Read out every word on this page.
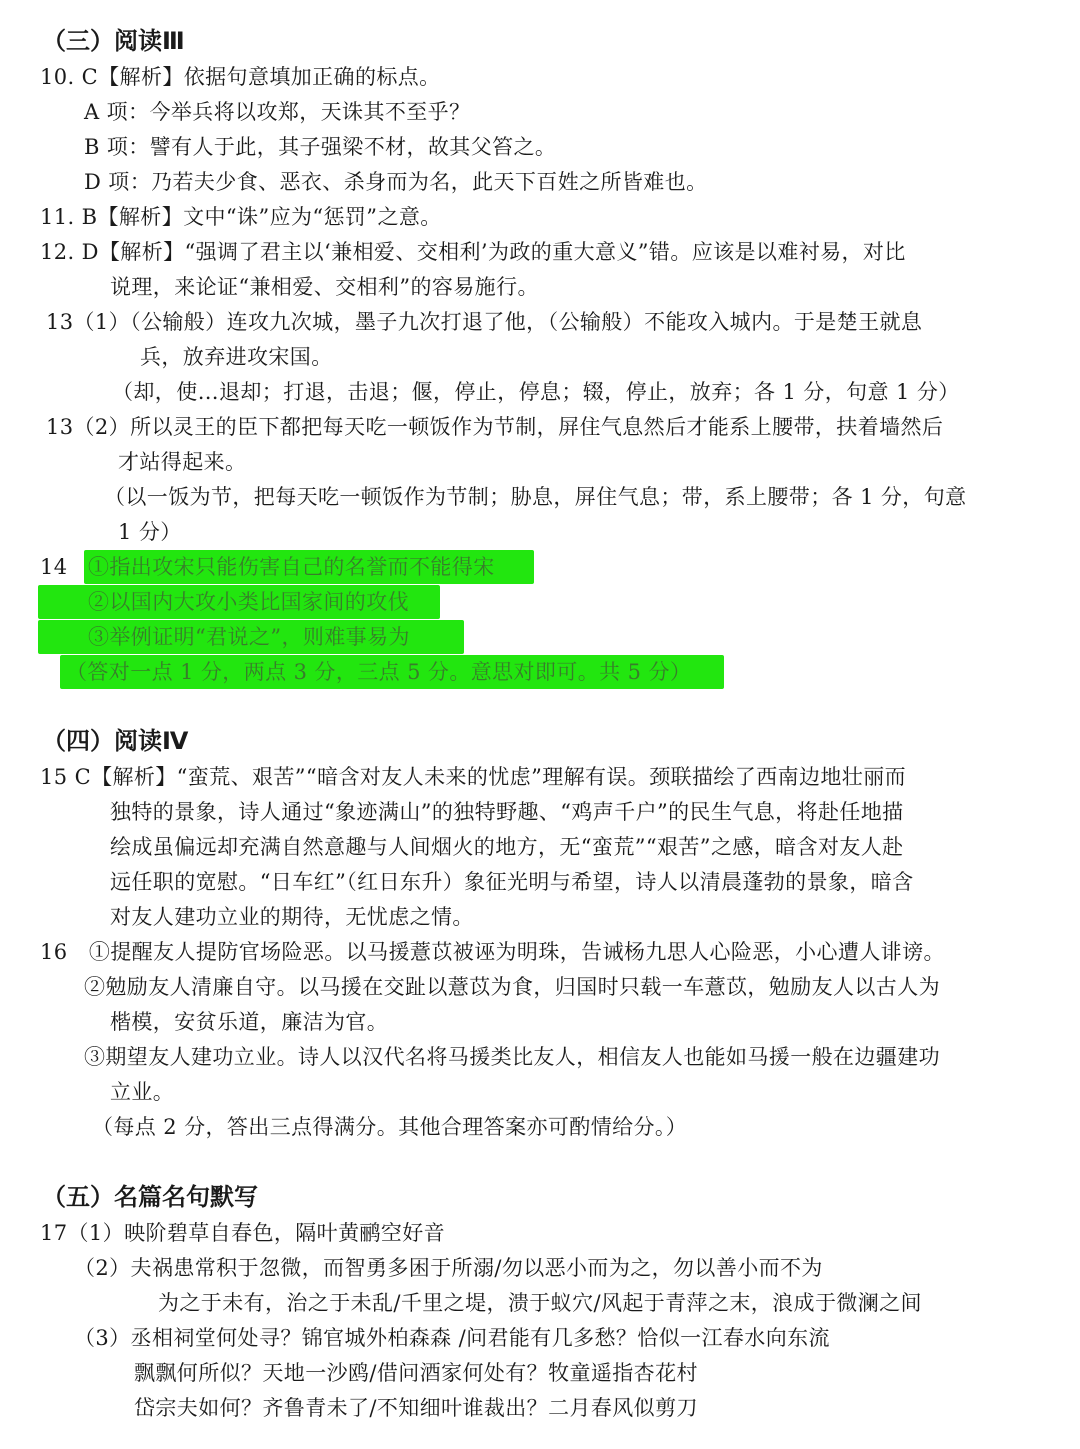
（三）阅读Ⅲ
10. C【解析】依据句意填加正确的标点。
A 项：今举兵将以攻郑，天诛其不至乎？
B 项：譬有人于此，其子强梁不材，故其父笞之。
D 项：乃若夫少食、恶衣、杀身而为名，此天下百姓之所皆难也。
11. B【解析】文中“诛”应为“惩罚”之意。
12. D【解析】“强调了君主以‘兼相爱、交相利’为政的重大意义”错。应该是以难衬易，对比
说理，来论证“兼相爱、交相利”的容易施行。
13（1）（公输般）连攻九次城，墨子九次打退了他，（公输般）不能攻入城内。于是楚王就息
兵，放弃进攻宋国。
（却，使…退却；打退，击退；偃，停止，停息；辍，停止，放弃；各 1 分，句意 1 分）
13（2）所以灵王的臣下都把每天吃一顿饭作为节制，屏住气息然后才能系上腰带，扶着墙然后
才站得起来。
（以一饭为节，把每天吃一顿饭作为节制；胁息，屏住气息；带，系上腰带；各 1 分，句意
1 分）
14 ①指出攻宋只能伤害自己的名誉而不能得宋
②以国内大攻小类比国家间的攻伐
③举例证明“君说之”，则难事易为
（答对一点 1 分，两点 3 分，三点 5 分。意思对即可。共 5 分）
（四）阅读Ⅳ
15 C【解析】“蛮荒、艰苦”“暗含对友人未来的忧虑”理解有误。颈联描绘了西南边地壮丽而
独特的景象，诗人通过“象迹满山”的独特野趣、“鸡声千户”的民生气息，将赴任地描
绘成虽偏远却充满自然意趣与人间烟火的地方，无“蛮荒”“艰苦”之感，暗含对友人赴
远任职的宽慰。“日车红”（红日东升）象征光明与希望，诗人以清晨蓬勃的景象，暗含
对友人建功立业的期待，无忧虑之情。
16　①提醒友人提防官场险恶。以马援薏苡被诬为明珠，告诫杨九思人心险恶，小心遭人诽谤。
②勉励友人清廉自守。以马援在交趾以薏苡为食，归国时只载一车薏苡，勉励友人以古人为
楷模，安贫乐道，廉洁为官。
③期望友人建功立业。诗人以汉代名将马援类比友人，相信友人也能如马援一般在边疆建功
立业。
（每点 2 分，答出三点得满分。其他合理答案亦可酌情给分。）
（五）名篇名句默写
17（1）映阶碧草自春色，隔叶黄鹂空好音
（2）夫祸患常积于忽微，而智勇多困于所溺/勿以恶小而为之，勿以善小而不为
为之于未有，治之于未乱/千里之堤，溃于蚁穴/风起于青萍之末，浪成于微澜之间
（3）丞相祠堂何处寻？锦官城外柏森森 /问君能有几多愁？恰似一江春水向东流
飘飘何所似？天地一沙鸥/借问酒家何处有？牧童遥指杏花村
岱宗夫如何？齐鲁青未了/不知细叶谁裁出？二月春风似剪刀
